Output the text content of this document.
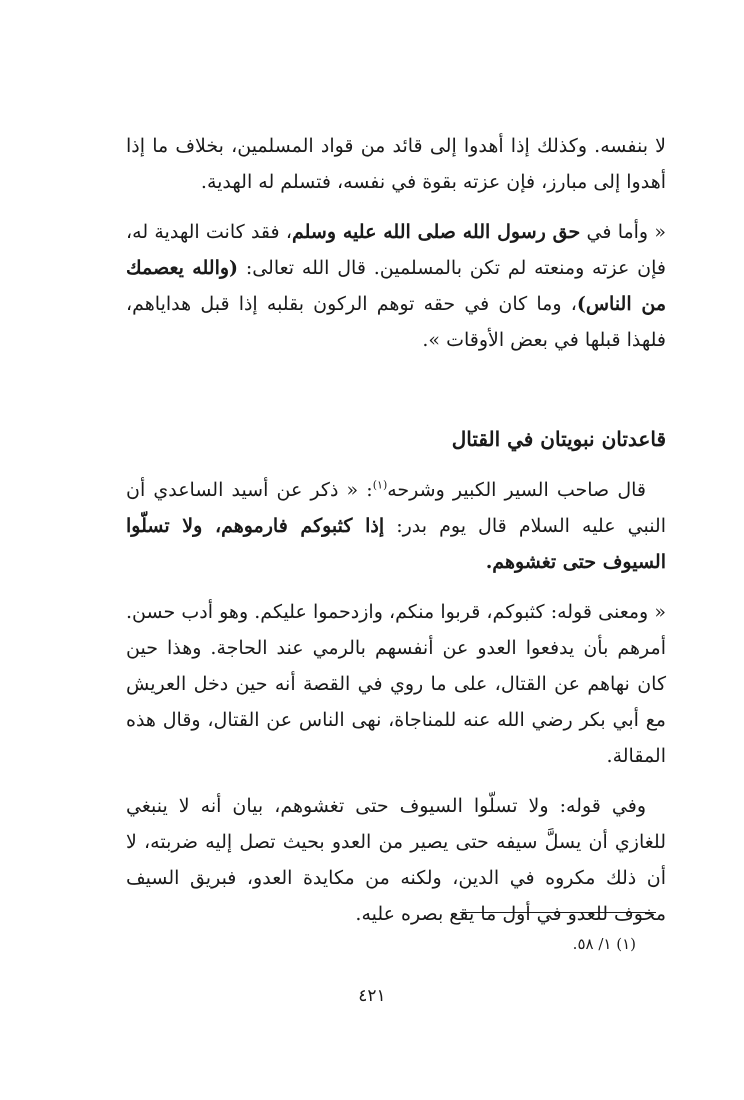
لا بنفسه. وكذلك إذا أهدوا إلى قائد من قواد المسلمين، بخلاف ما إذا أهدوا إلى مبارز، فإن عزته بقوة في نفسه، فتسلم له الهدية.

« وأما في حق رسول الله صلى الله عليه وسلم، فقد كانت الهدية له، فإن عزته ومنعته لم تكن بالمسلمين. قال الله تعالى: (والله يعصمك من الناس)، وما كان في حقه توهم الركون بقلبه إذا قبل هداياهم، فلهذا قبلها في بعض الأوقات ».

قاعدتان نبويتان في القتال

قال صاحب السير الكبير وشرحه$^{(١)}$: « ذكر عن أسيد الساعدي أن النبي عليه السلام قال يوم بدر: إذا كثبوكم فارموهم، ولا تسلّوا السيوف حتى تغشوهم.

« ومعنى قوله: كثبوكم، قربوا منكم، وازدحموا عليكم. وهو أدب حسن. أمرهم بأن يدفعوا العدو عن أنفسهم بالرمي عند الحاجة. وهذا حين كان نهاهم عن القتال، على ما روي في القصة أنه حين دخل العريش مع أبي بكر رضي الله عنه للمناجاة، نهى الناس عن القتال، وقال هذه المقالة.

وفي قوله: ولا تسلّوا السيوف حتى تغشوهم، بيان أنه لا ينبغي للغازي أن يسلَّ سيفه حتى يصير من العدو بحيث تصل إليه ضربته، لا أن ذلك مكروه في الدين، ولكنه من مكايدة العدو، فبريق السيف مخوف للعدو في أول ما يقع بصره عليه.

(١) ١/ ٥٨.
٤٢١
